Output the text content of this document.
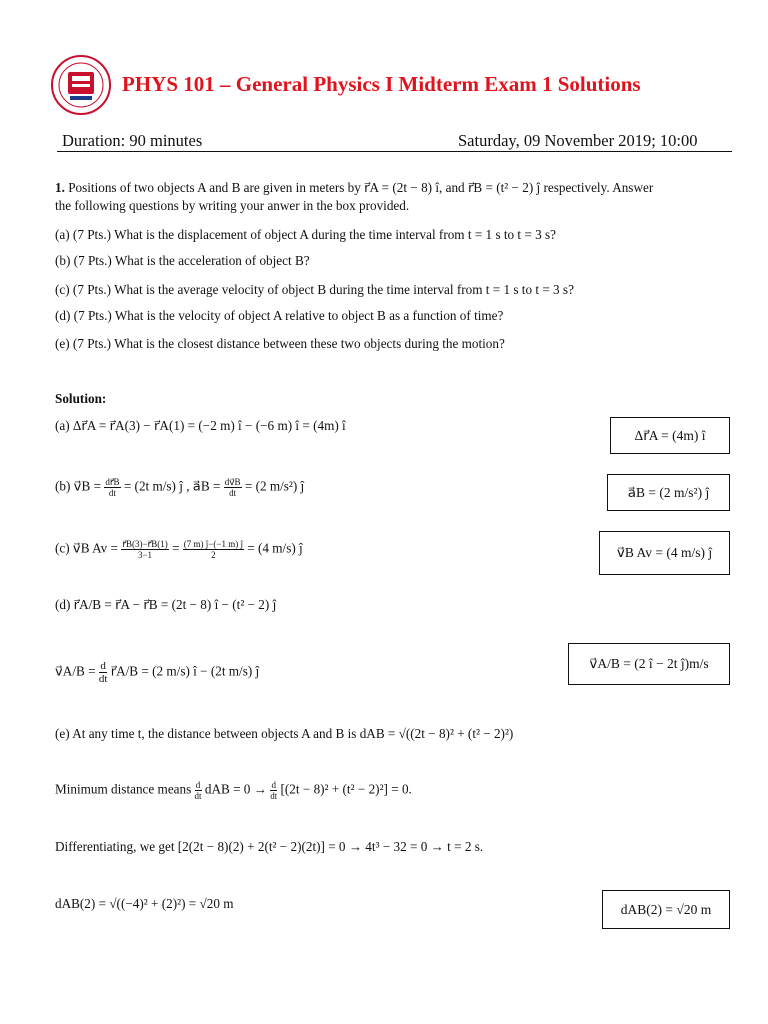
PHYS 101 – General Physics I Midterm Exam 1 Solutions
Duration: 90 minutes	Saturday, 09 November 2019; 10:00
1. Positions of two objects A and B are given in meters by r⃗A = (2t − 8) î, and r⃗B = (t² − 2) ĵ respectively. Answer
the following questions by writing your anwer in the box provided.
(a) (7 Pts.) What is the displacement of object A during the time interval from t = 1 s to t = 3 s?
(b) (7 Pts.) What is the acceleration of object B?
(c) (7 Pts.) What is the average velocity of object B during the time interval from t = 1 s to t = 3 s?
(d) (7 Pts.) What is the velocity of object A relative to object B as a function of time?
(e) (7 Pts.) What is the closest distance between these two objects during the motion?
Solution:
(a) Δr⃗A = r⃗A(3) − r⃗A(1) = (−2 m) î − (−6 m) î = (4m) î
Δr⃗A = (4m) î
(b) v⃗B = $\frac{dr⃗B}{dt} = (2t$ m/s) ĵ , a⃗B = $\frac{dv⃗B}{dt} = (2$ m/s²) ĵ	a⃗B = (2 m/s²) ĵ
(c) v⃗B $Av = \frac{r⃗B(3)-r⃗B(1)}{3-1} = \frac{(7 m) ĵ-(-1 m) ĵ}{2} = (4$ m/s) ĵ	v⃗B Av = (4 m/s) ĵ
(d) r⃗A/B = r⃗A − r⃗B = (2t − 8) î − (t² − 2) ĵ
v⃗A/B = $\frac{d}{dt}$ r⃗A/B = (2 m/s) î − (2t m/s) ĵ
v⃗A/B = (2 î − 2t ĵ)m/s
(e) At any time t, the distance between objects A and B is dAB = √((2t − 8)² + (t² − 2)²)
Minimum distance means $\frac{d}{dt}$ dAB = $0 \to \frac{d}{dt} [(2t - 8)^2 + (t^2 - 2)^2] = 0$.
Differentiating, we get [2(2t − 8)(2) + 2(t² − 2)(2t)] = 0 → 4t³ − 32 = 0 → t = 2 s.
dAB(2) = √((−4)² + (2)²) = √20 m	dAB(2) = √20 m
